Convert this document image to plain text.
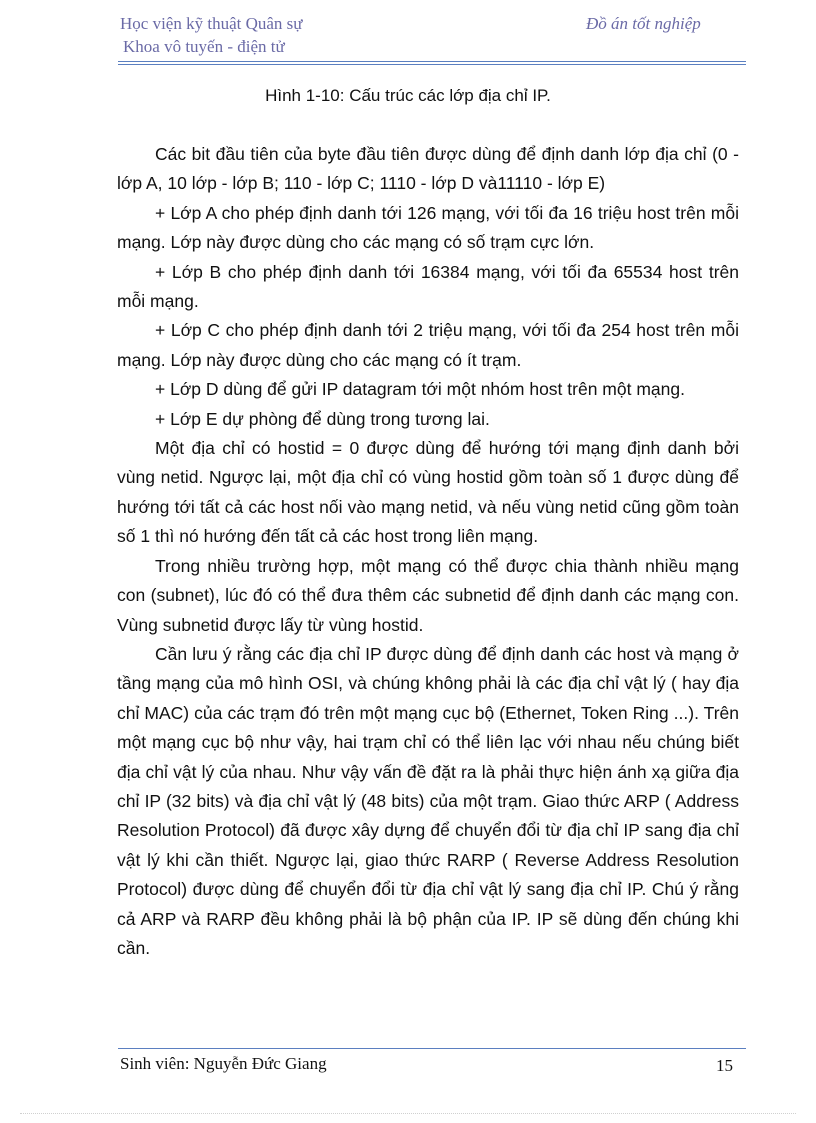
Học viện kỹ thuật Quân sự
Khoa vô tuyến - điện tử
Đồ án tốt nghiệp
Hình 1-10: Cấu trúc các lớp địa chỉ IP.

Các bit đầu tiên của byte đầu tiên được dùng để định danh lớp địa chỉ (0 - lớp A, 10 lớp - lớp B; 110 - lớp C; 1110 - lớp D và11110 - lớp E)

+ Lớp A cho phép định danh tới 126 mạng, với tối đa 16 triệu host trên mỗi mạng. Lớp này được dùng cho các mạng có số trạm cực lớn.

+ Lớp B cho phép định danh tới 16384 mạng, với tối đa 65534 host trên mỗi mạng.

+ Lớp C cho phép định danh tới 2 triệu mạng, với tối đa 254 host trên mỗi mạng. Lớp này được dùng cho các mạng có ít trạm.

+ Lớp D dùng để gửi IP datagram tới một nhóm host trên một mạng.

+ Lớp E dự phòng để dùng trong tương lai.

Một địa chỉ có hostid = 0 được dùng để hướng tới mạng định danh bởi vùng netid. Ngược lại, một địa chỉ có vùng hostid gồm toàn số 1 được dùng để hướng tới tất cả các host nối vào mạng netid, và nếu vùng netid cũng gồm toàn số 1 thì nó hướng đến tất cả các host trong liên mạng.

Trong nhiều trường hợp, một mạng có thể được chia thành nhiều mạng con (subnet), lúc đó có thể đưa thêm các subnetid để định danh các mạng con. Vùng subnetid được lấy từ vùng hostid.

Cần lưu ý rằng các địa chỉ IP được dùng để định danh các host và mạng ở tầng mạng của mô hình OSI, và chúng không phải là các địa chỉ vật lý ( hay địa chỉ MAC) của các trạm đó trên một mạng cục bộ (Ethernet, Token Ring ...). Trên một mạng cục bộ như vậy, hai trạm chỉ có thể liên lạc với nhau nếu chúng biết địa chỉ vật lý của nhau. Như vậy vấn đề đặt ra là phải thực hiện ánh xạ giữa địa chỉ IP (32 bits) và địa chỉ vật lý (48 bits) của một trạm. Giao thức ARP ( Address Resolution Protocol) đã được xây dựng để chuyển đổi từ địa chỉ IP sang địa chỉ vật lý khi cần thiết. Ngược lại, giao thức RARP ( Reverse Address Resolution Protocol) được dùng để chuyển đổi từ địa chỉ vật lý sang địa chỉ IP. Chú ý rằng cả ARP và RARP đều không phải là bộ phận của IP. IP sẽ dùng đến chúng khi cần.

Sinh viên: Nguyễn Đức Giang	15
